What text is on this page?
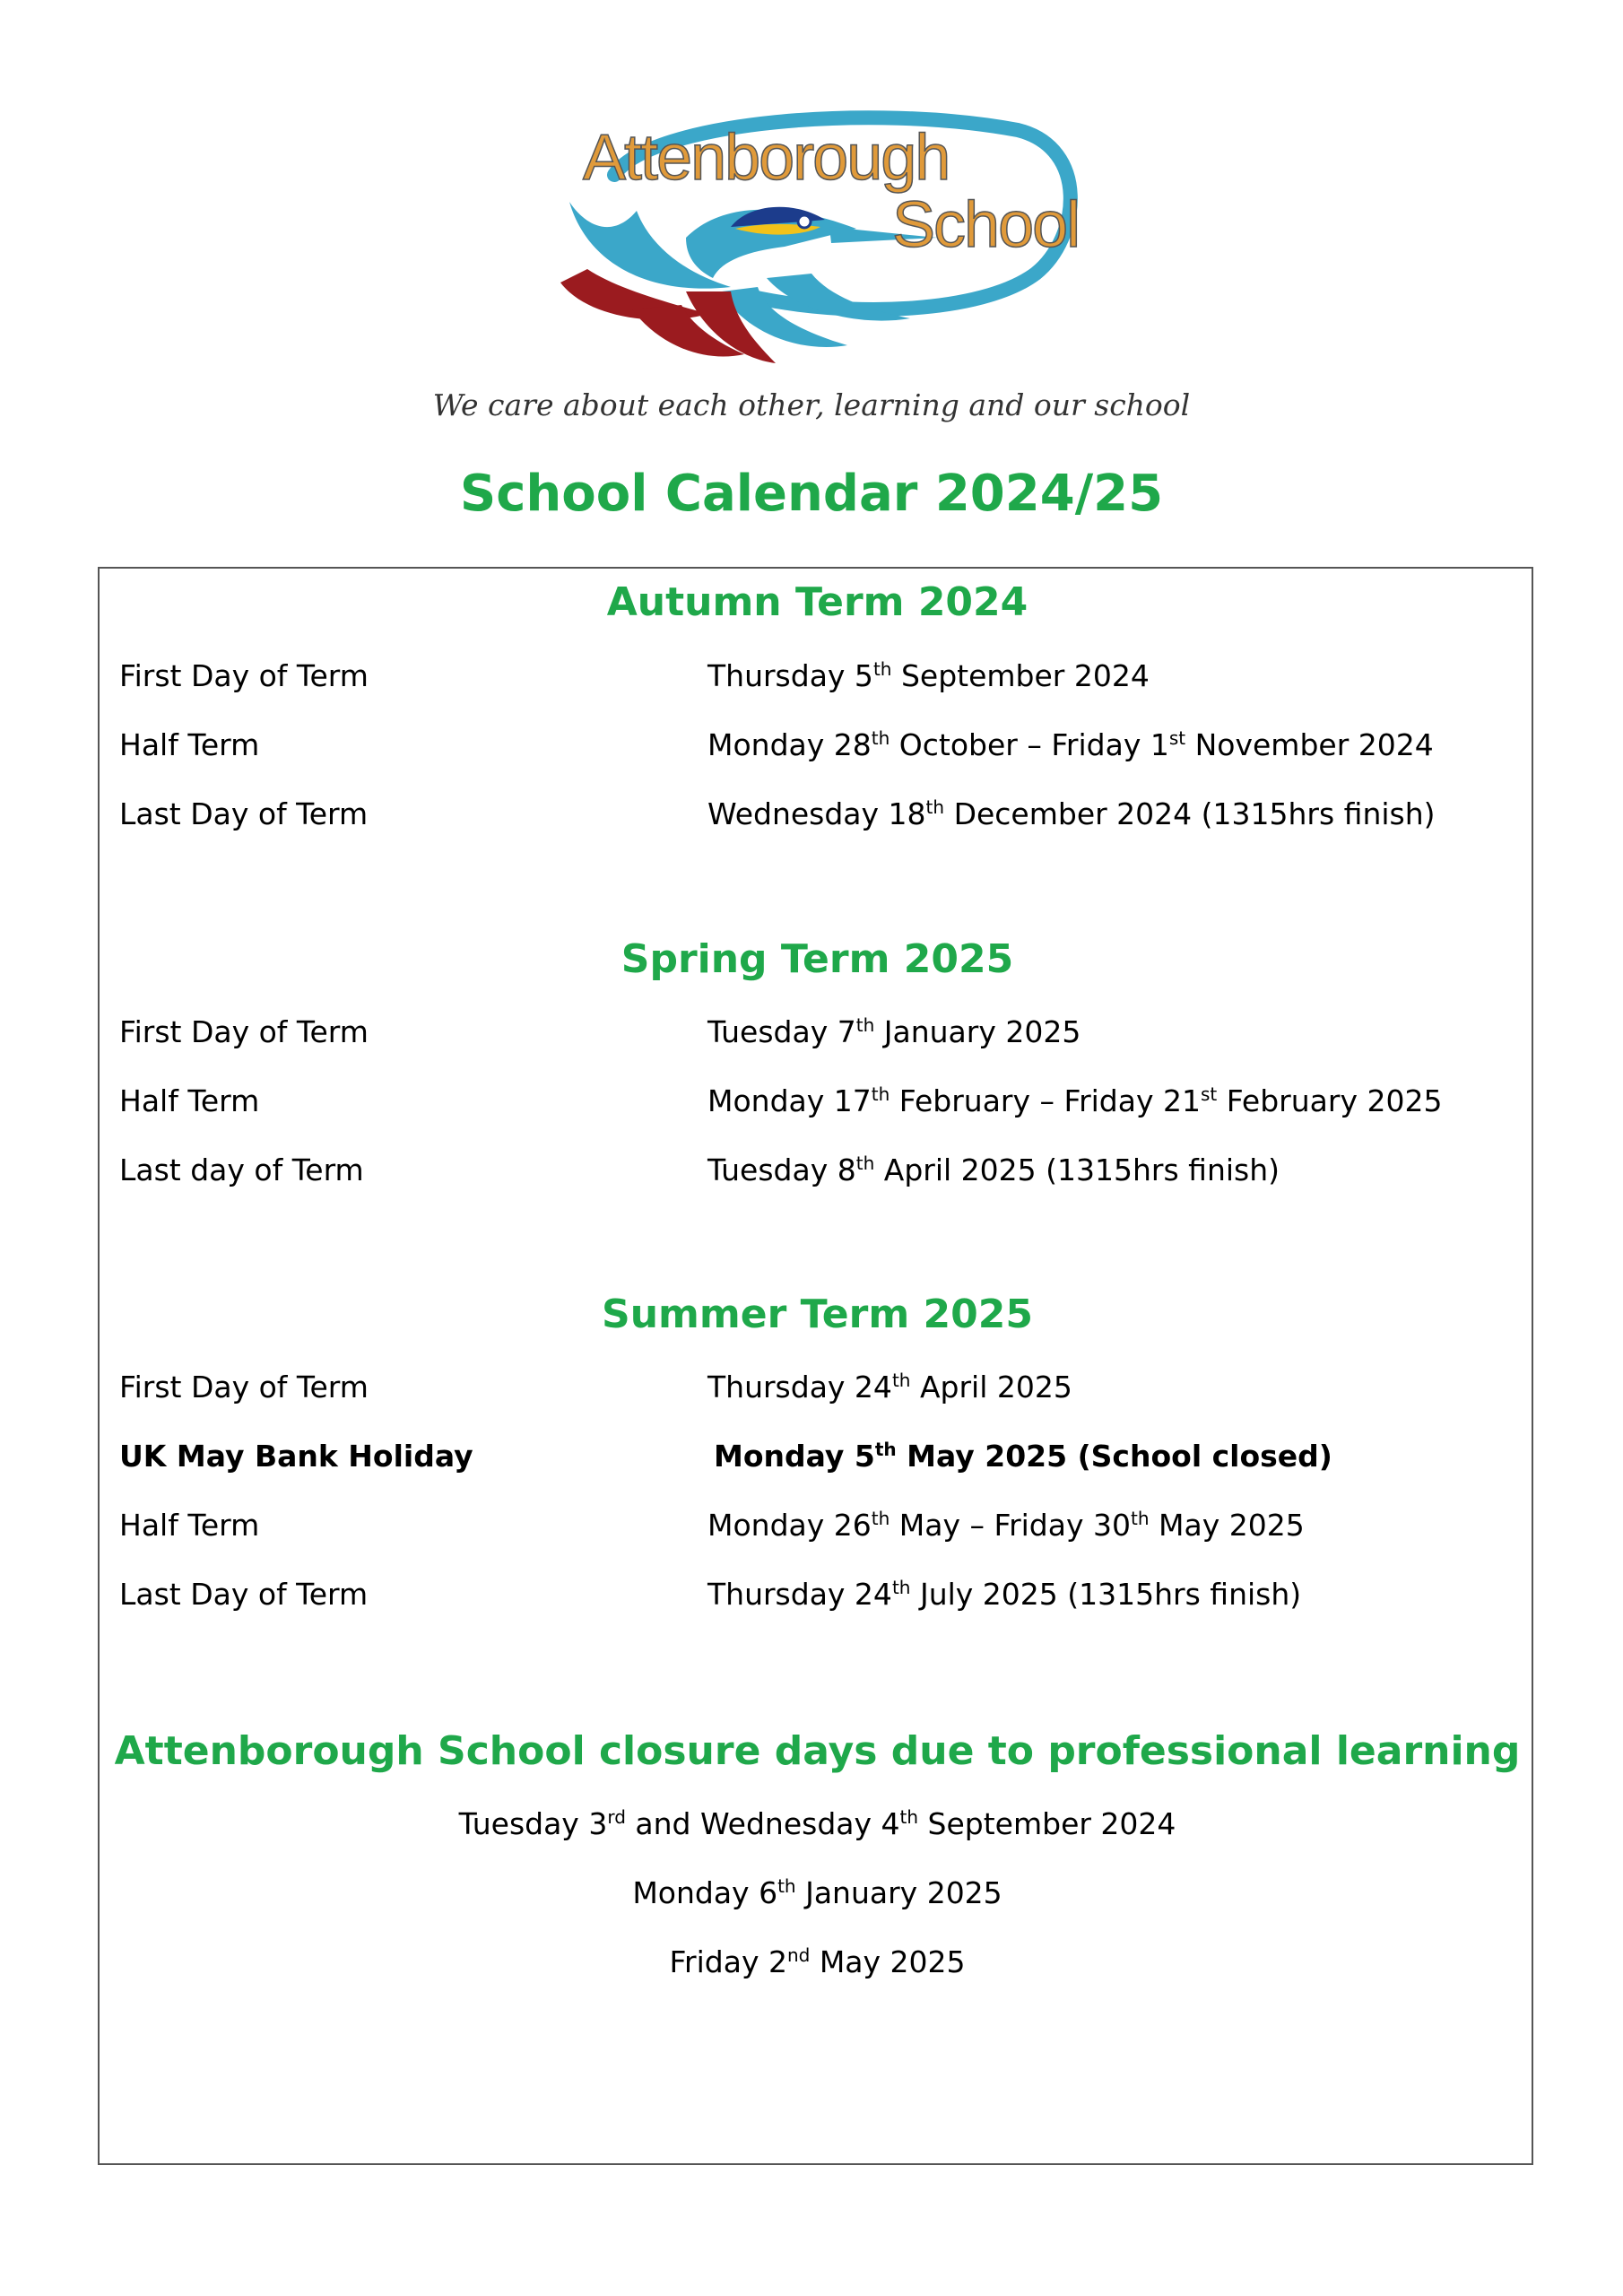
Attenborough
School
We care about each other, learning and our school
School Calendar 2024/25
Autumn Term 2024
First Day of Term	Thursday 5th September 2024
Half Term	Monday 28th October – Friday 1st November 2024
Last Day of Term	Wednesday 18th December 2024 (1315hrs finish)
Spring Term 2025
First Day of Term	Tuesday 7th January 2025
Half Term	Monday 17th February – Friday 21st February 2025
Last day of Term	Tuesday 8th April 2025 (1315hrs finish)
Summer Term 2025
First Day of Term	Thursday 24th April 2025
UK May Bank Holiday	Monday 5th May 2025 (School closed)
Half Term	Monday 26th May – Friday 30th May 2025
Last Day of Term	Thursday 24th July 2025 (1315hrs finish)
Attenborough School closure days due to professional learning
Tuesday 3rd and Wednesday 4th September 2024
Monday 6th January 2025
Friday 2nd May 2025
